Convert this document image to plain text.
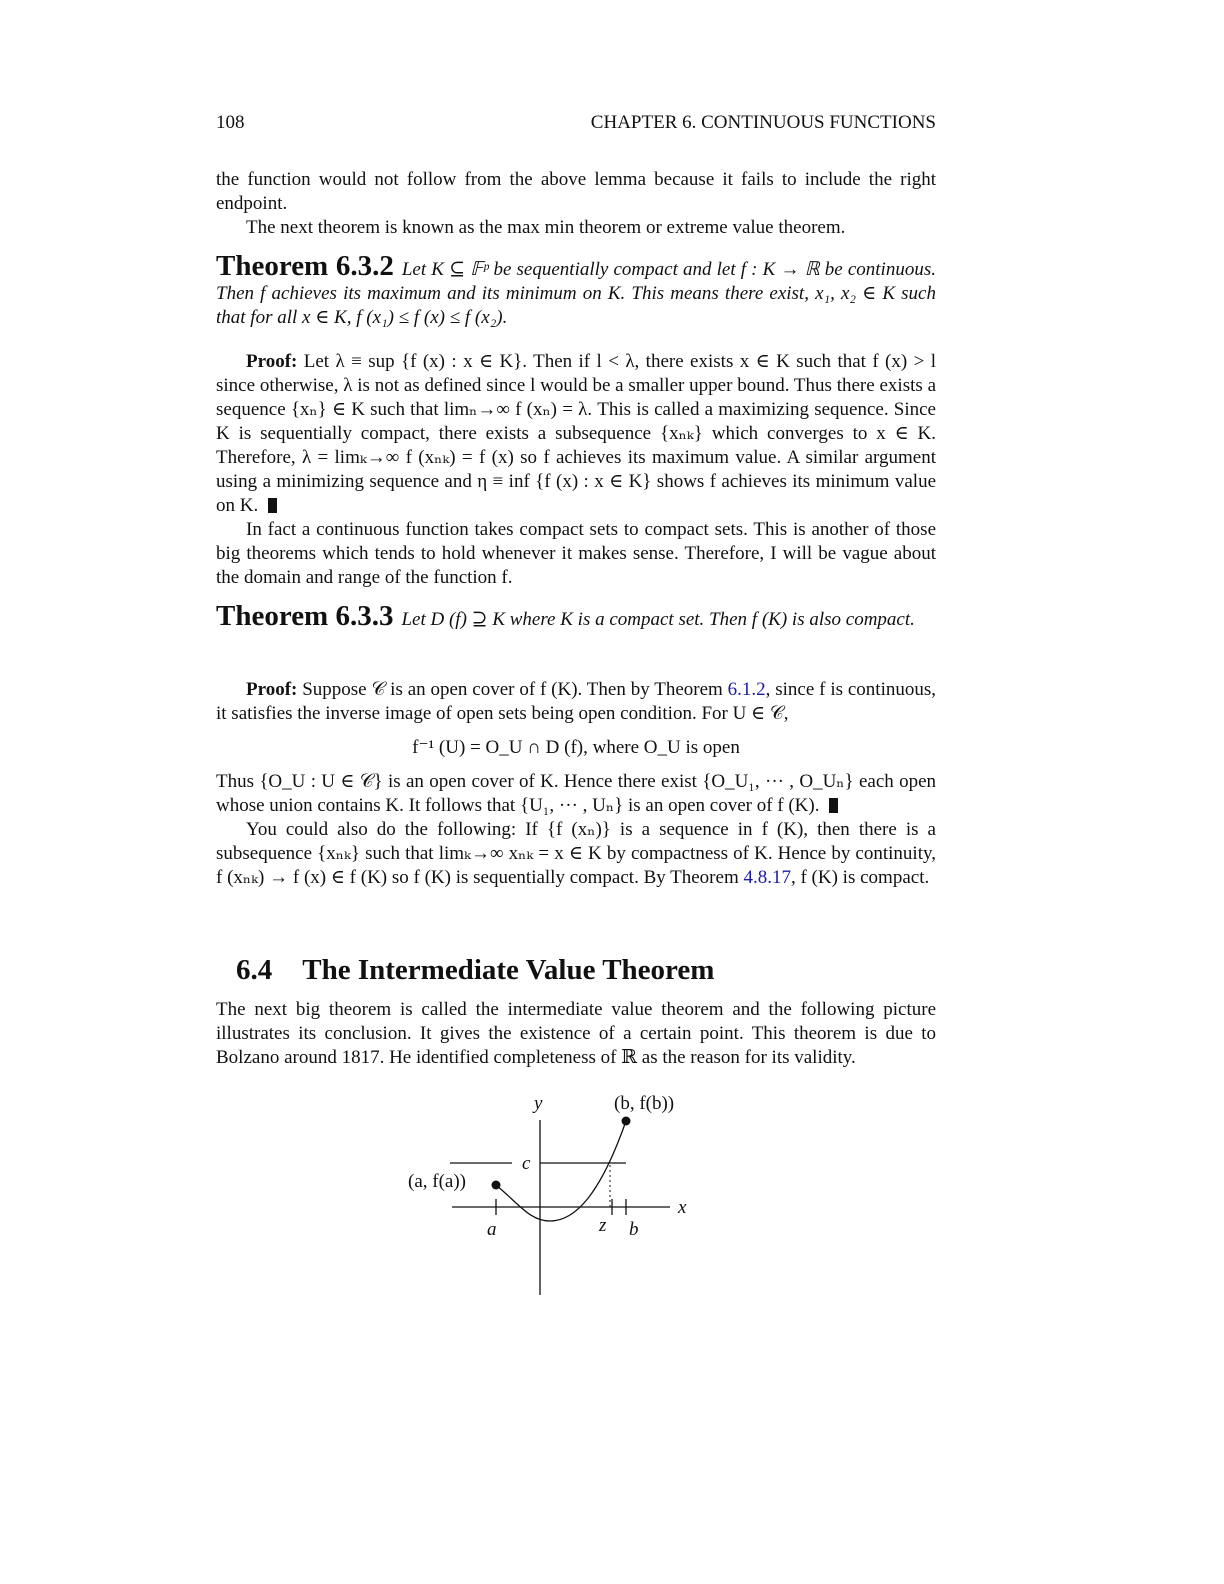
108	CHAPTER 6. CONTINUOUS FUNCTIONS

the function would not follow from the above lemma because it fails to include the right endpoint.

The next theorem is known as the max min theorem or extreme value theorem.

Theorem 6.3.2 Let K ⊆ 𝔽ᵖ be sequentially compact and let f : K → ℝ be continuous. Then f achieves its maximum and its minimum on K. This means there exist, x₁, x₂ ∈ K such that for all x ∈ K, f (x₁) ≤ f (x) ≤ f (x₂).

Proof: Let λ ≡ sup {f (x) : x ∈ K}. Then if l < λ, there exists x ∈ K such that f (x) > l since otherwise, λ is not as defined since l would be a smaller upper bound. Thus there exists a sequence {xₙ} ∈ K such that limₙ→∞ f (xₙ) = λ. This is called a maximizing sequence. Since K is sequentially compact, there exists a subsequence {xₙₖ} which converges to x ∈ K. Therefore, λ = limₖ→∞ f (xₙₖ) = f (x) so f achieves its maximum value. A similar argument using a minimizing sequence and η ≡ inf {f (x) : x ∈ K} shows f achieves its minimum value on K.

In fact a continuous function takes compact sets to compact sets. This is another of those big theorems which tends to hold whenever it makes sense. Therefore, I will be vague about the domain and range of the function f.

Theorem 6.3.3 Let D (f) ⊇ K where K is a compact set. Then f (K) is also compact.

Proof: Suppose 𝒞 is an open cover of f (K). Then by Theorem 6.1.2, since f is continuous, it satisfies the inverse image of open sets being open condition. For U ∈ 𝒞,

f⁻¹ (U) = O_U ∩ D (f), where O_U is open

Thus {O_U : U ∈ 𝒞} is an open cover of K. Hence there exist {O_U₁, ··· , O_Uₙ} each open whose union contains K. It follows that {U₁, ··· , Uₙ} is an open cover of f (K).

You could also do the following: If {f (xₙ)} is a sequence in f (K), then there is a subsequence {xₙₖ} such that limₖ→∞ xₙₖ = x ∈ K by compactness of K. Hence by continuity, f (xₙₖ) → f (x) ∈ f (K) so f (K) is sequentially compact. By Theorem 4.8.17, f (K) is compact.

6.4 The Intermediate Value Theorem

The next big theorem is called the intermediate value theorem and the following picture illustrates its conclusion. It gives the existence of a certain point. This theorem is due to Bolzano around 1817. He identified completeness of ℝ as the reason for its validity.

y
x
(b, f(b))
(a, f(a))
c
a	z b
